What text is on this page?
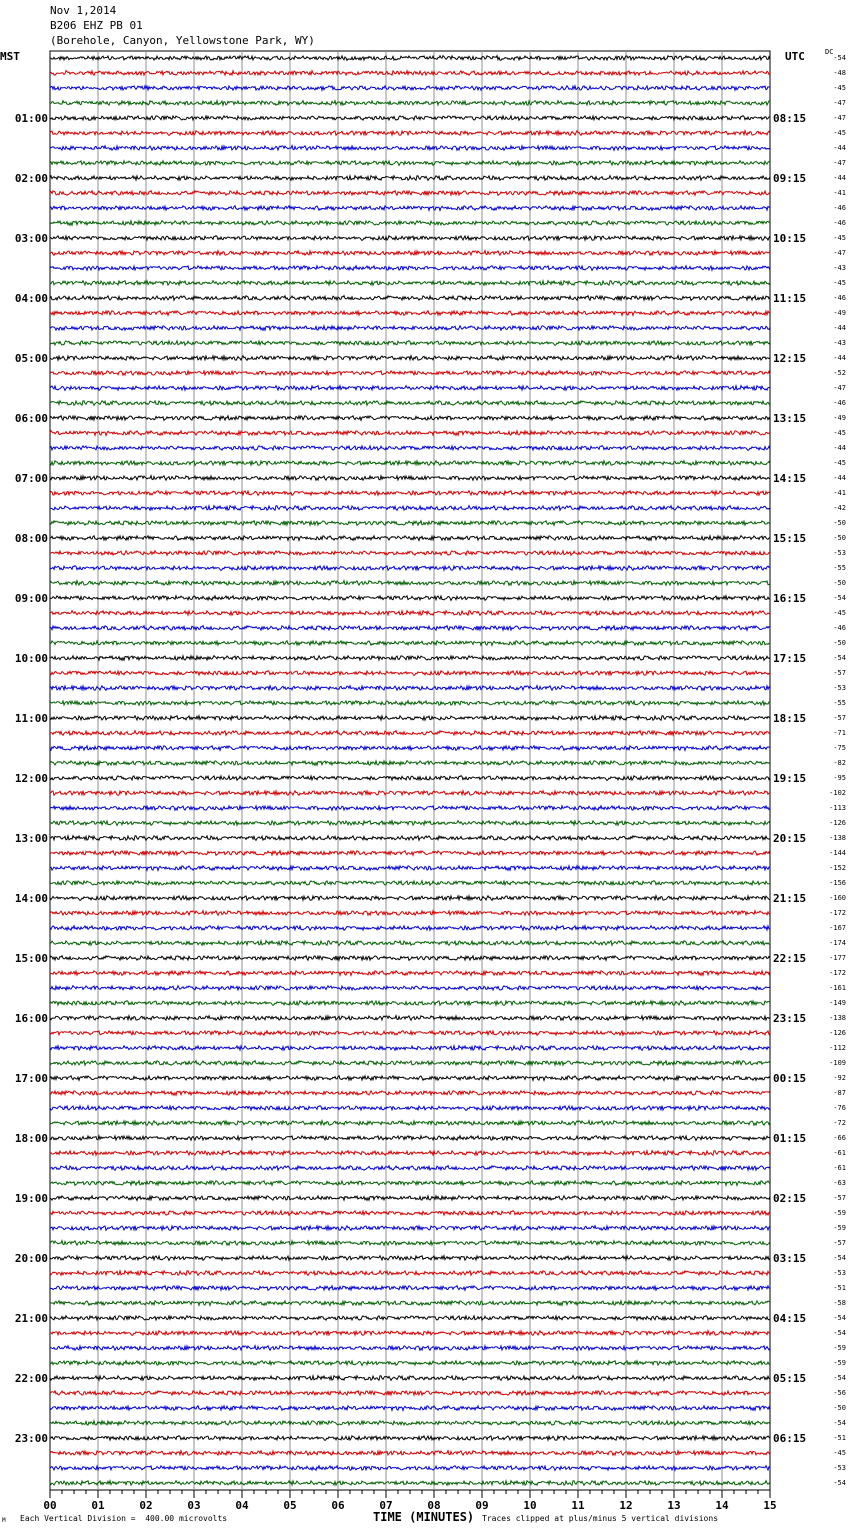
Nov 1,2014
B206 EHZ PB 01
(Borehole, Canyon, Yellowstone Park, WY)
MST	UTC	DC
-54
-48
-45
-47
-47
-45
-44
-47
-44
-41
-46
-46
-45
-47
-43
-45
-46
-49
-44
-43
-44
-52
-47
-46
-49
-45
-44
-45
-44
-41
-42
-50
-50
-53
-55
-50
-54
-45
-46
-50
-54
-57
-53
-55
-57
-71
-75
-82
-95
-102
-113
-126
-138
-144
-152
-156
-160
-172
-167
-174
-177
-172
-161
-149
-138
-126
-112
-109
-92
-87
-76
-72
-66
-61
-61
-63
-57
-59
-59
-57
-54
-53
-51
-58
-54
-54
-59
-59
-54
-56
-50
-54
-51
-45
-53
-54
01:00	08:15
02:00	09:15
03:00	10:15
04:00	11:15
05:00	12:15
06:00	13:15
07:00	14:15
08:00	15:15
09:00	16:15
10:00	17:15
11:00	18:15
12:00	19:15
13:00	20:15
14:00	21:15
15:00	22:15
16:00	23:15
17:00	00:15
18:00	01:15
19:00	02:15
20:00	03:15
21:00	04:15
22:00	05:15
23:00	06:15
00	01	02	03	04	05	06	07	08	09	10	11	12	13	14	15
TIME (MINUTES)
M Each Vertical Division =  400.00 microvolts	Traces clipped at plus/minus 5 vertical divisions
